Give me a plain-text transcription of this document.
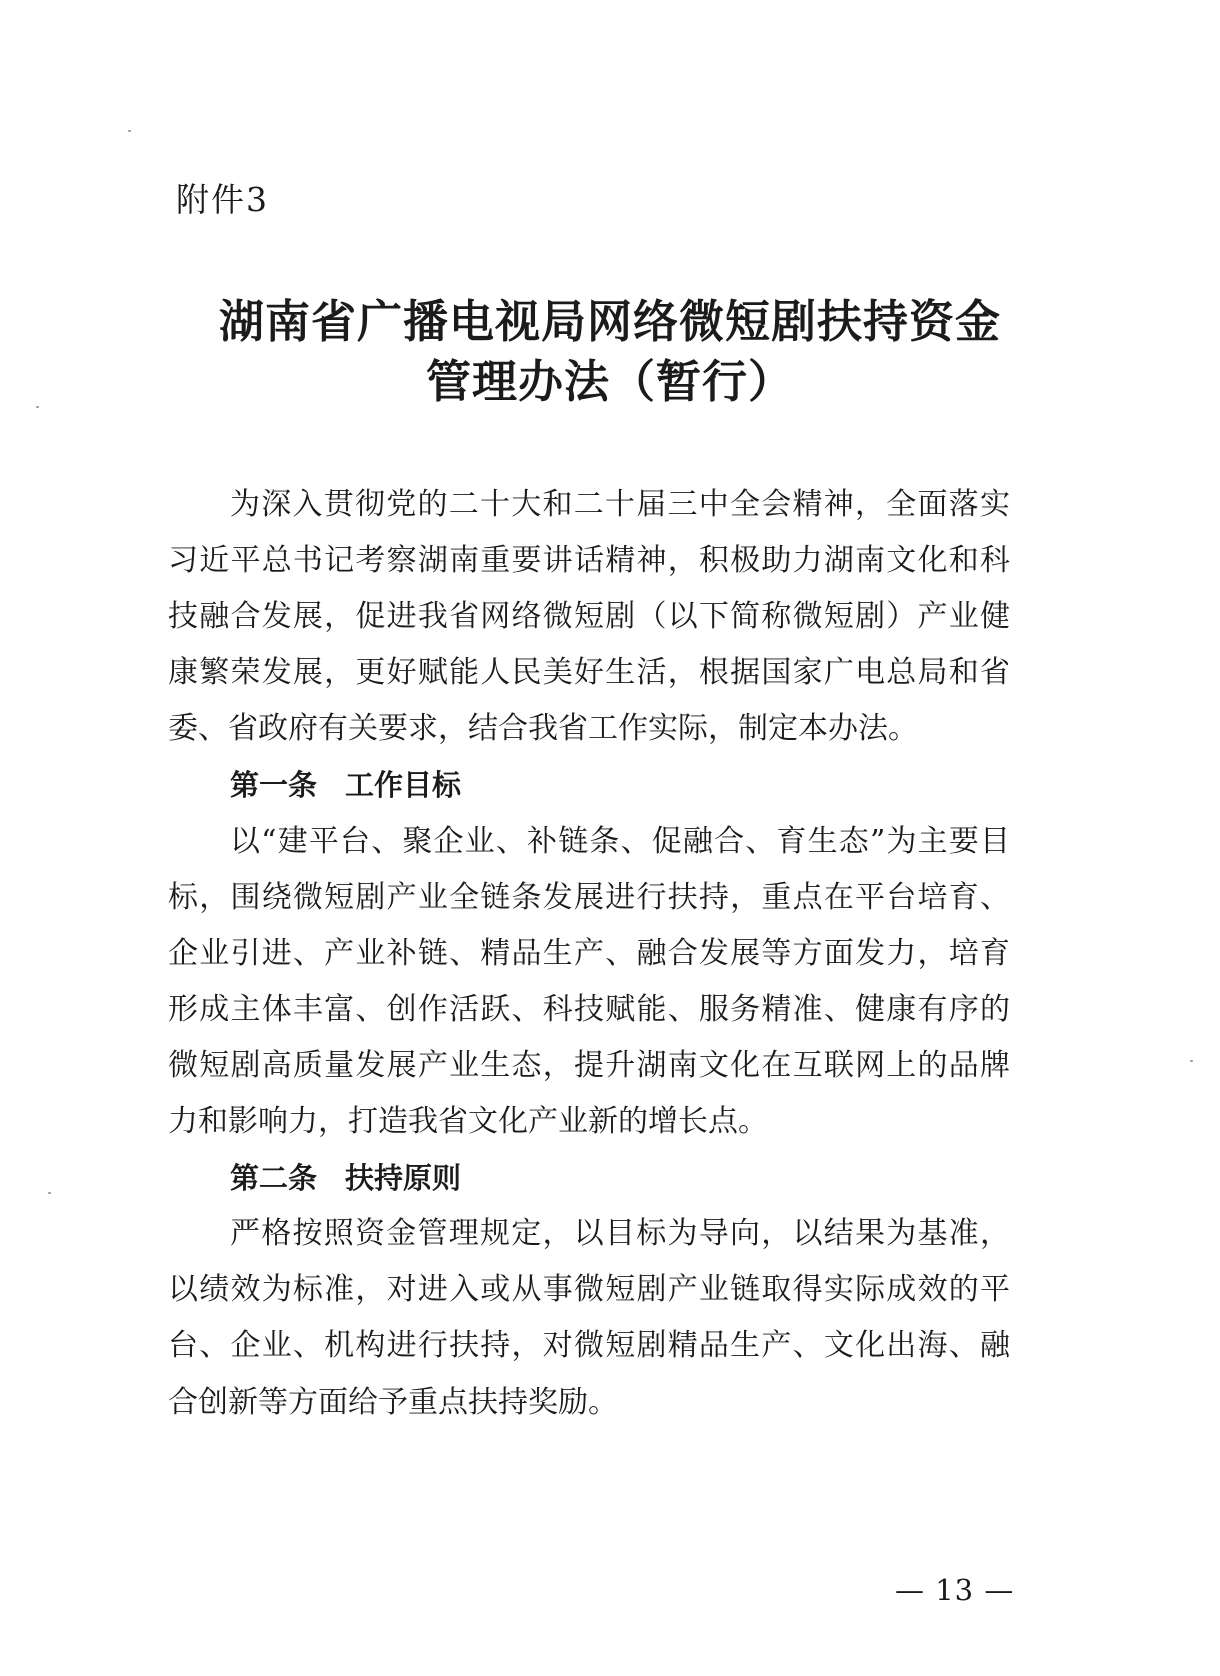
附件3
湖南省广播电视局网络微短剧扶持资金
管理办法（暂行）
为深入贯彻党的二十大和二十届三中全会精神，全面落实
习近平总书记考察湖南重要讲话精神，积极助力湖南文化和科
技融合发展，促进我省网络微短剧（以下简称微短剧）产业健
康繁荣发展，更好赋能人民美好生活，根据国家广电总局和省
委、省政府有关要求，结合我省工作实际，制定本办法。
第一条 工作目标
以“建平台、聚企业、补链条、促融合、育生态”为主要目
标，围绕微短剧产业全链条发展进行扶持，重点在平台培育、
企业引进、产业补链、精品生产、融合发展等方面发力，培育
形成主体丰富、创作活跃、科技赋能、服务精准、健康有序的
微短剧高质量发展产业生态，提升湖南文化在互联网上的品牌
力和影响力，打造我省文化产业新的增长点。
第二条 扶持原则
严格按照资金管理规定，以目标为导向，以结果为基准，
以绩效为标准，对进入或从事微短剧产业链取得实际成效的平
台、企业、机构进行扶持，对微短剧精品生产、文化出海、融
合创新等方面给予重点扶持奖励。
— 13 —
